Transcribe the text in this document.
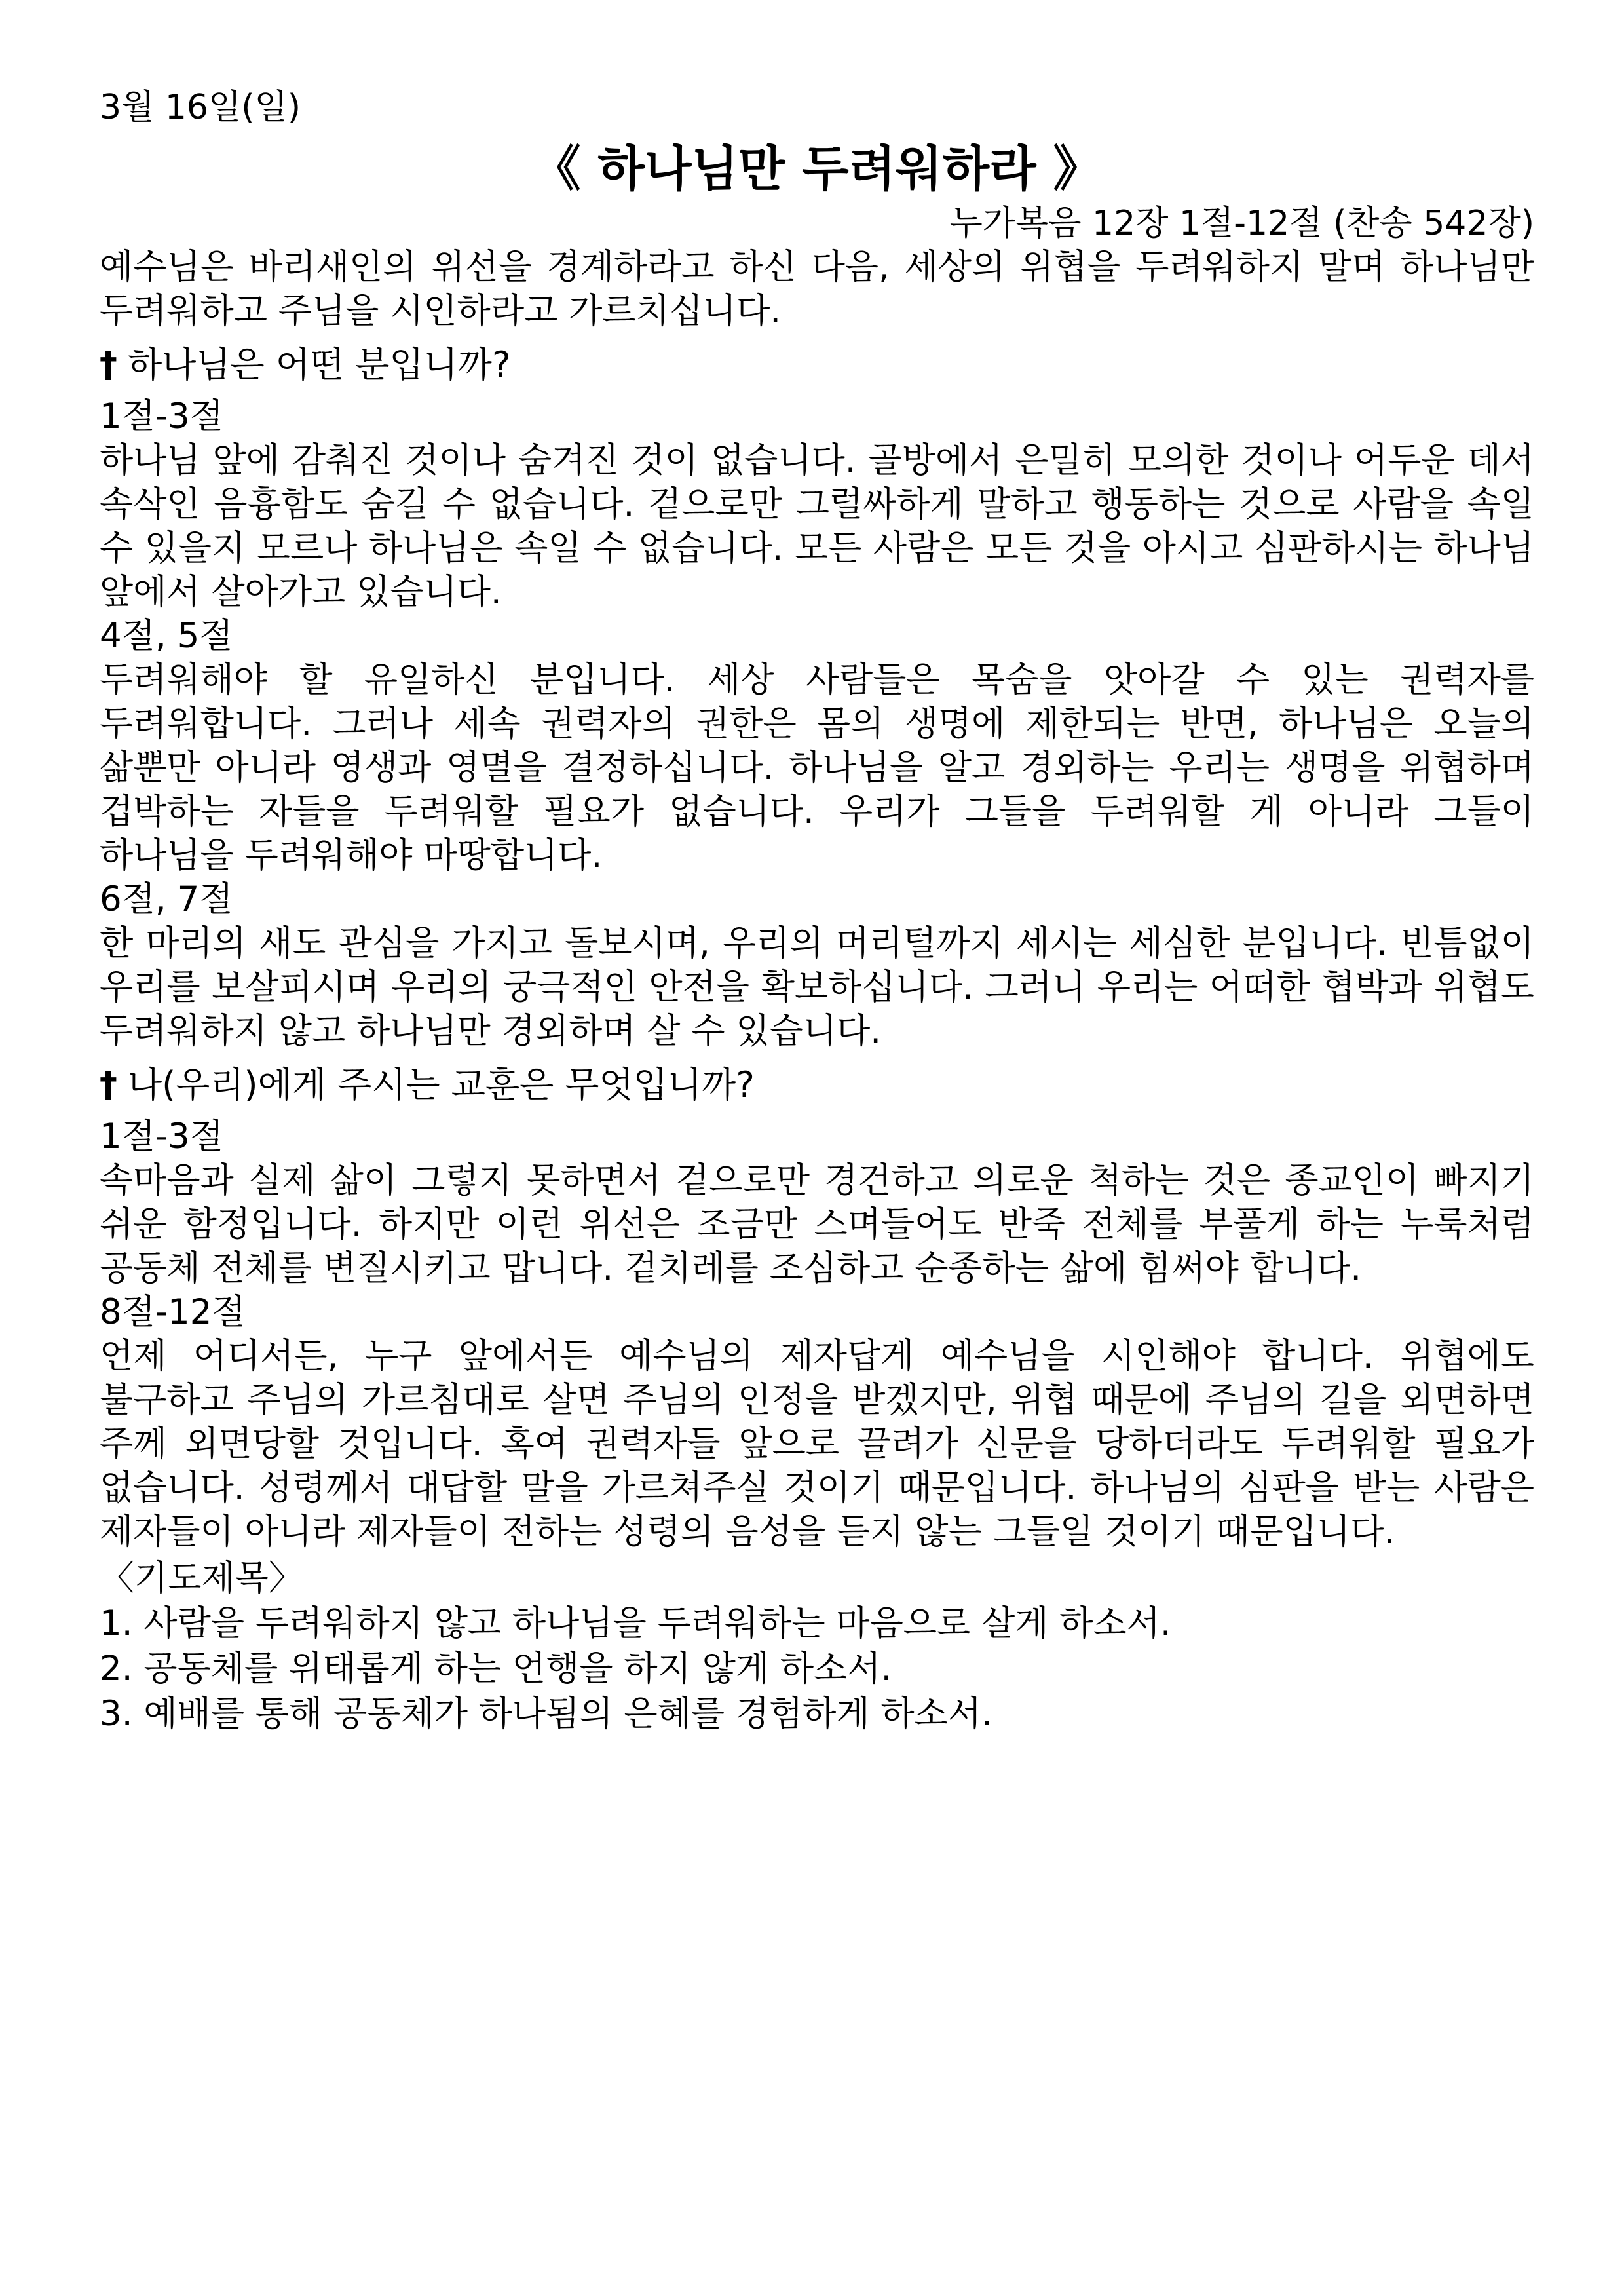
3월 16일(일)
《 하나님만 두려워하라 》
누가복음 12장 1절-12절 (찬송 542장)
예수님은 바리새인의 위선을 경계하라고 하신 다음, 세상의 위협을 두려워하지 말며 하나님만 두려워하고 주님을 시인하라고 가르치십니다.
† 하나님은 어떤 분입니까?
1절-3절
하나님 앞에 감춰진 것이나 숨겨진 것이 없습니다. 골방에서 은밀히 모의한 것이나 어두운 데서 속삭인 음흉함도 숨길 수 없습니다. 겉으로만 그럴싸하게 말하고 행동하는 것으로 사람을 속일 수 있을지 모르나 하나님은 속일 수 없습니다. 모든 사람은 모든 것을 아시고 심판하시는 하나님 앞에서 살아가고 있습니다.
4절, 5절
두려워해야 할 유일하신 분입니다. 세상 사람들은 목숨을 앗아갈 수 있는 권력자를 두려워합니다. 그러나 세속 권력자의 권한은 몸의 생명에 제한되는 반면, 하나님은 오늘의 삶뿐만 아니라 영생과 영멸을 결정하십니다. 하나님을 알고 경외하는 우리는 생명을 위협하며 겁박하는 자들을 두려워할 필요가 없습니다. 우리가 그들을 두려워할 게 아니라 그들이 하나님을 두려워해야 마땅합니다.
6절, 7절
한 마리의 새도 관심을 가지고 돌보시며, 우리의 머리털까지 세시는 세심한 분입니다. 빈틈없이 우리를 보살피시며 우리의 궁극적인 안전을 확보하십니다. 그러니 우리는 어떠한 협박과 위협도 두려워하지 않고 하나님만 경외하며 살 수 있습니다.
† 나(우리)에게 주시는 교훈은 무엇입니까?
1절-3절
속마음과 실제 삶이 그렇지 못하면서 겉으로만 경건하고 의로운 척하는 것은 종교인이 빠지기 쉬운 함정입니다. 하지만 이런 위선은 조금만 스며들어도 반죽 전체를 부풀게 하는 누룩처럼 공동체 전체를 변질시키고 맙니다. 겉치레를 조심하고 순종하는 삶에 힘써야 합니다.
8절-12절
언제 어디서든, 누구 앞에서든 예수님의 제자답게 예수님을 시인해야 합니다. 위협에도 불구하고 주님의 가르침대로 살면 주님의 인정을 받겠지만, 위협 때문에 주님의 길을 외면하면 주께 외면당할 것입니다. 혹여 권력자들 앞으로 끌려가 신문을 당하더라도 두려워할 필요가 없습니다. 성령께서 대답할 말을 가르쳐주실 것이기 때문입니다. 하나님의 심판을 받는 사람은 제자들이 아니라 제자들이 전하는 성령의 음성을 듣지 않는 그들일 것이기 때문입니다.
〈기도제목〉
1. 사람을 두려워하지 않고 하나님을 두려워하는 마음으로 살게 하소서.
2. 공동체를 위태롭게 하는 언행을 하지 않게 하소서.
3. 예배를 통해 공동체가 하나됨의 은혜를 경험하게 하소서.
